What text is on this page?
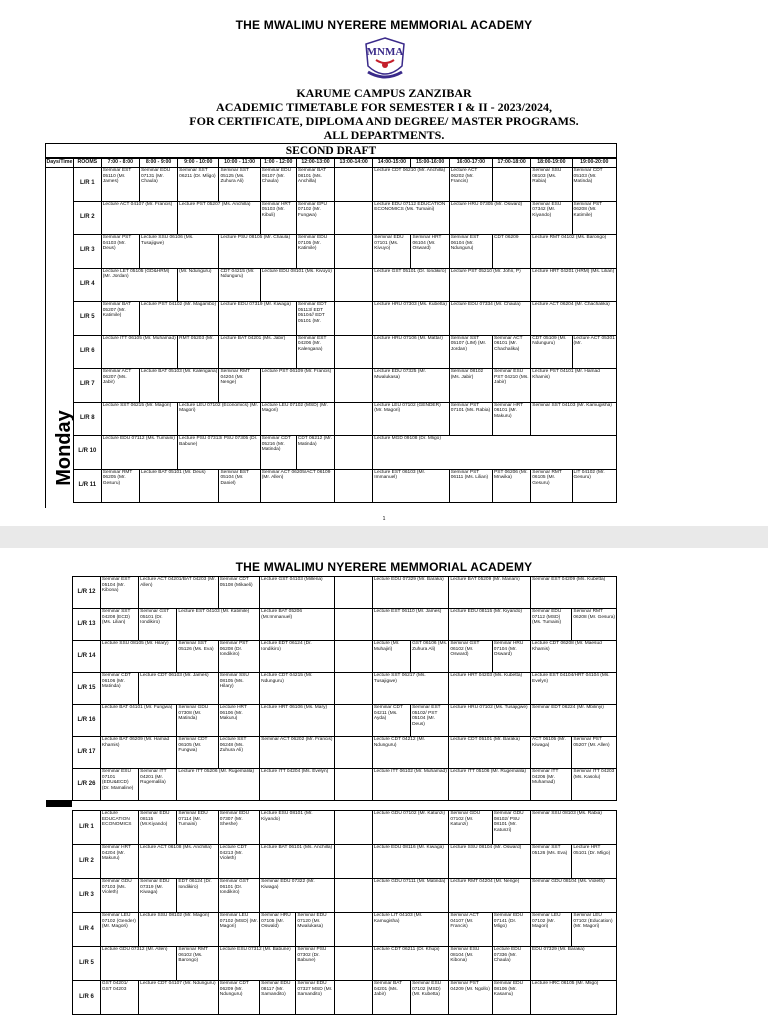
THE MWALIMU NYERERE MEMMORIAL ACADEMY
MNMA
KARUME CAMPUS ZANZIBAR
ACADEMIC TIMETABLE FOR SEMESTER I & II - 2023/2024,
FOR CERTIFICATE, DIPLOMA AND DEGREE/ MASTER PROGRAMS.
ALL DEPARTMENTS.
SECOND DRAFT
Monday
Days/Time	ROOMS	7:00 - 8:00	8:00 - 9:00	9:00 - 10:00	10:00 - 11:00	1:00 - 12:00	12:00-13:00	13:00-14:00	14:00-15:00	15:00-16:00	16:00-17:00	17:00-18:00	18:00-19:00	19:00-20:00
	L/R 1	Seminar EST 05110 (Mr. James)	Seminar EDU 07131 (Mr. Chaula)	Seminar SST 06211 (Dr. Mligo)	Seminar SST 05125 (Ms. Zuhura Ali)	Seminar EDU 08107 (Mr. Chaula)	Seminar BAT 08101 (Ms. Anchilla)		Lecture CDT 06210 (Mr. Anchilla)		Lecture ACT 06202 (Mr. Francis)		Seminar SSU 08103 (Ms. Rabia)	Seminar CDT 05103 (Mr. Matinda)
	L/R 2	Lecture ACT 04107 (Mr. Francis)		Lecture PST 05207 (Ms. Anchilla)		Seminar HRT 05103 (Mr. Kibuli)	Seminar EPU 07102 (Mr. Fungwa)		Lecture EDU 07112 EDUCATION ECONOMICS (Ms. Tumaini)		Lecture HRU 07305 (Mr. Osward)		Seminar ESU 07342 (Mr. Kiyando)	Seminar PST 06208 (Mr. Katimile)
	L/R 3	Seminar PST 04103 (Mr. Deus)	Lecture SSU 06106 (Ms. Tusajigwe)		Lecture PSU 08105 (Mr. Chaula)		Seminar EDU 07105 (Mr. Katimile)		Seminar EDU 07101 (Ms. Kivuyo)	Seminar HRT 06104 (Mr. Osward)	Seminar EST 06104 (Mr. Ndunguru)	CDT 06209	Lecture RMT 04102 (Ms. Barongo)	
	L/R 4	Lecture LET 05105 (GD&HRM) (Mr. Jordan)		(Mr. Ndunguru)	CDT 04215 (Mr. Ndunguru)	Lecture EDU 08101 (Ms. Kivuyo)			Lecture GST 05101 (Dr. Iondikiro)		Lecture PST 05210 (Mr. John, P)		Lecture HRT 04201 (HRM) (Ms. Lilian)	
	L/R 5	Seminar BAT 05207 (Mr. Katimile)	Lecture PST 04102 (Mr. Magambo)		Lecture EDU 07319 (Mr. Kiwaga)		Seminar EDT 05113/ EDT 05104// EDT 05101 (Mr.		Lecture HRU 07303 (Ms. Kubetta)		Lecture EDU 07334 (Mr. Chaula)		Lecture ACT 06204 (Mr. Chachalika)	
	L/R 6	Lecture ITT 06105 (Mr. Muhamad)		RMT 05203 (Mr.	Lecture BAT 04201 (Ms. Jabir)		Seminar EST 04206 (Mr. Kalengana)		Lecture HRU 07106 (Mr. Mattar)		Seminar SST 05107 (LIM) (Mr. Jordan)	Seminar ACT 06101 (Mr. Chachalika)	CDT 05109 (Mr. Ndunguru)	Lecture ACT 05301 (Mr.
	L/R 7	Seminar ACT 06207 (Ms. Jabir)	Lecture BAT 05103 (Mr. Kalengana)		Seminar RMT 04204 (Mr. Nenge)	Lecture PST 06109 (Mr. Francis)			Lecture EDU 07325 (Mr. Mwalukasa)		Seminar 08102 (Ms. Jabir)	Seminar ESU PST 04210 (Ms. Jabir)	Lecture PST 04101 (Mr. Hamad Khamis)	
	L/R 8	Lecture SST 06215 (Mr. Magori)		Lecture LEU 07102 (Economics) (Mr. Magori)		Lecture LEU 07102 (MSD) (Mr. Magori)			Lecture LEU 07102 (GENDER) (Mr. Magori)		Seminar PST 07101 (Ms. Rabia)	Seminar HRT 06101 (Mr. Makuru)	Seminar SST 04103 (Mr. Kamugisha)	
	L/R 10	Lecture EDU 07112 (Ms. Tumaini)		Lecture PSU 07313/ PSU 07305 (Dr. Babune)		Seminar CDT 05216 (Mr. Matinda)	CDT 06212 (Mr. Matinda)		Lecture MGD 09108 (Dr. Mligo)					
	L/R 11	Seminar RMT 06205 (Mr. Gesuru)	Lecture BAT 05101 (Mr. Deus)		Seminar BST 05104 (Mr. Daniel)	Seminar ACT 06205/ACT 06109 (Mr. Allen)			Lecture EST 06103 (Mr. Immanuel)		Seminar PST 06111 (Ms. Lilian)	PST 06206 (Mr. Mnwika)	Seminar RMT 06105 (Mr. Gesuru)	LIT 04102 (Mr. Gesuru)
1
THE MWALIMU NYERERE MEMMORIAL ACADEMY
L/R 12	Seminar EST 05104 (Mr. Kibona)	Lecture ACT 04201/BAT 04203 (Mr. Allen)		Seminar CDT 05108 (Mikaeli)	Lecture GST 04103 (Millena)		Lecture EDU 07329 (Mr. Baraka)		Lecture BAT 05209 (Mr. Mariam)		Seminar EST 04209 (Ms. Kubetta)	
L/R 13	Seminar SST 04208 (ECD) (Ms. Lilian)	Seminar GST 05101 (Dr. Iondikiro)	Lecture EST 04103 (Mr. Katimile)		Lecture BAT 05206 (Mr.Immanuel)		Lecture EST 06110 (Mr. James)		Lecture EDU 08115 (Mr. Kiyando)		Seminar EDU 07112 (MSD) (Ms. Tumaini)	Seminar RMT 06208 (Mr. Gesura)
L/R 14	Lecture SSU 08105 (Mr. Hilary)		Seminar SST 05126 (Ms. Eva)	Seminar PST 06208 (Dr. Iondikiro)	Lecture EDT 06124 (Dr. Iondikiro)		Lecture (Mr. Muhajiri)	GST 06106 (Ms. Zuhura Ali)	Seminar GST 06102 (Mr. Osward)	Seminar HRU 07104 (Mr. Osward)	Lecture CDT 06208 (Mr. Maesud Khamis)	
L/R 15	Seminar CDT 06106 (Mr. Matinda)	Lecture CDT 06103 (Mr. James)		Seminar SSU 08105 (Ms. Hilary)	Lecture CDT 04215 (Mr. Ndunguru)		Lecture SST 06217 (Ms. Tusajigwe)		Lecture HRT 04203 (Ms. Kubetta)		Lecture EST 04104/HRT 04104 (Ms. Evelyn)	
L/R 16	Lecture BAT 04101 (Mr. Fungwa)		Seminar GDU 07308 (Mr. Matinda)	Lecture HRT 06106 (Mr. Makuru)	Lecture HRT 06106 (Ms. Mary)		Seminar CDT 04211 (Ms. Ayda)	Seminar EST 05102/ PST 05104 (Mr. Deus)	Lecture HRU 07102 (Ms. Tusajigwe)		Seminar EDT 06224 (Mr. Mbilinyi)	
L/R 17	Lecture BAT 06209 (Mr. Hamad Khamis)		Seminar CDT 06105 (Mr. Fungwa)	Lecture SST 06248 (Ms. Zuhura Ali)	Seminar ACT 06202 (Mr. Francis)		Lecture CDT 04212 (Mr. Ndunguru)		Lecture CDT 05101 (Mr. Baraka)		ACT 06105 (Mr. Kiwaga)	Seminar PST 05207 (Mr. Allen)
L/R 26	Seminar ESU 07101 (EDU&ECD) (Dr. Mamaline)	Seminar ITT 04201 (Mr. Rugemalila)	Lecture ITT 05206 (Mr. Rugemalila)		Lecture ITT 04204 (Ms. Evelyn)		Lecture ITT 06102 (Mr. Muhamad)		Lecture ITT 05106 (Mr. Rugemalila)		Seminar ITT 04206 (Mr. Muhamad)	Seminar ITT 04203 (Ms. Kasolu)
L/R 1	Lecture EDUCATION ECONOMICS	Seminar EDU 08115 (Mr.Kiyando)	Seminar EDU 07114 (Mr. Tumaini)	Seminar EDU 07307 (Mr. Sheshe)	Lecture ESU 08101 (Mr. Kiyando)			Lecture GDU 07102 (Mr. Katunzi)		Seminar GDU 07102 (Mr. Katunzi)	Seminar GDU 08102/ PSU 08101 (Mr. Katunzi)	Seminar SSU 08103 (Ms. Rabia)	
L/R 2	Seminar HRT 04204 (Mr. Makuru)	Lecture ACT 06108 (Ms. Anchilla)		Lecture CDT 04213 (Mr. Violeth)	Lecture BAT 06101 (Ms. Anchilla)			Lecture EDU 08116 (Mr. Kiwaga)		Lecture SSU 08104 (Mr. Osward)		Seminar SST 05126 (Ms. Eva)	Lecture HRT 05101 (Dr. Mligo)
L/R 3	Seminar GDU 07103 (Ms. Violeth)	Seminar EDU 07319 (Mr. Kiwaga)	EDT 06124 (Dr. Iondikiro)	Seminar GST 06101 (Dr. Iondikiro)	Seminar EDU 07322 (Mr. Kiwaga)			Lecture GDU 07111 (Mr. Matinda)		Lecture RMT 04204 (Mr. Nenge)		Seminar GDU 08104 (Ms. Violeth)	
L/R 4	Seminar LEU 07102 (Gender) (Mr. Magori)	Lecture SSU 08102 (Mr. Magori)		Seminar LEU 07102 (MSD) (Mr. Magori)	Seminar HRU 07105 (Mr. Oswald)	Seminar EDU 07120 (Mr. Mwalukasa)		Lecture LIT 04103 (Mr. Kamugisha)		Seminar ACT 04107 (Mr. Francis)	Seminar EDU 07141 (Dr. Mligo)	Seminar LEU 07102 (Mr. Magori)	Seminar LEU 07102 (Education) (Mr. Magori)
L/R 5	Lecture GDU 07312 (Mr. Allen)		Seminar RMT 06102 (Ms. Barongo)	Lecture ESU 07312 (Mr. Babune)		Seminar PSU 07302 (Dr. Babune)		Lecture CDT 06211 (Dr. Khupi)		Seminar ESU 08104 (Mr. Kibona)	Lecture EDU 07336 (Mr. Chaula)	EDU 07329 (Mr. Baraka)	
L/R 6	GST 04201/ GST 04203	Lecture CDT 04107 (Mr. Ndunguru)		Seminar CDT 06209 (Mr. Ndunguru)	Seminar EDU 08117 (Mr. Samandito)	Seminar EDU 07327 MSD (Mr. Samandito)		Seminar BAT 04201 (Ms. Jabir)	Seminar ESU 07102 (MSD) (Mr. Kubetta)	Seminar PST 04209 (Mr. Ngollo)	Seminar EDU 08106 (Mr. Kasamu)	Lecture HRC 06105 (Mr. Mligo)	
